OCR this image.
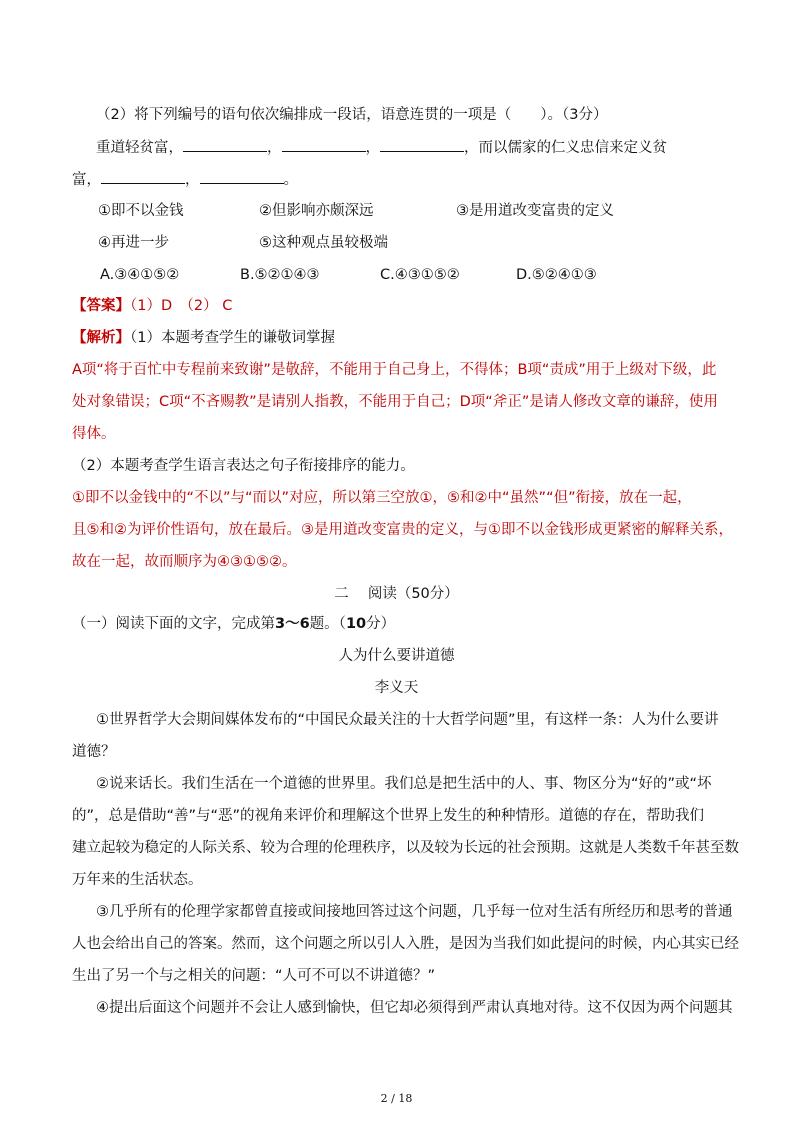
（2）将下列编号的语句依次编排成一段话，语意连贯的一项是（　　）。（3分）
重道轻贫富，	，	，	，而以儒家的仁义忠信来定义贫
富，	，	。
①即不以金钱	②但影响亦颇深远	③是用道改变富贵的定义
④再进一步	⑤这种观点虽较极端
A.③④①⑤②	B.⑤②①④③	C.④③①⑤②	D.⑤②④①③
【答案】（1）D　（2） C
【解析】（1）本题考查学生的谦敬词掌握
A项“将于百忙中专程前来致谢”是敬辞，不能用于自己身上，不得体；B项“责成”用于上级对下级，此
处对象错误；C项“不吝赐教”是请别人指教，不能用于自己；D项“斧正”是请人修改文章的谦辞，使用
得体。
（2）本题考查学生语言表达之句子衔接排序的能力。
①即不以金钱中的“不以”与“而以”对应，所以第三空放①，⑤和②中“虽然”“但”衔接，放在一起，
且⑤和②为评价性语句，放在最后。③是用道改变富贵的定义，与①即不以金钱形成更紧密的解释关系，
故在一起，故而顺序为④③①⑤②。
二　 阅读（50分）
（一）阅读下面的文字，完成第3～6题。（10分）
人为什么要讲道德
李义天
①世界哲学大会期间媒体发布的“中国民众最关注的十大哲学问题”里，有这样一条：人为什么要讲
道德？
②说来话长。我们生活在一个道德的世界里。我们总是把生活中的人、事、物区分为“好的”或“坏
的”，总是借助“善”与“恶”的视角来评价和理解这个世界上发生的种种情形。道德的存在，帮助我们
建立起较为稳定的人际关系、较为合理的伦理秩序，以及较为长远的社会预期。这就是人类数千年甚至数
万年来的生活状态。
③几乎所有的伦理学家都曾直接或间接地回答过这个问题，几乎每一位对生活有所经历和思考的普通
人也会给出自己的答案。然而，这个问题之所以引人入胜，是因为当我们如此提问的时候，内心其实已经
生出了另一个与之相关的问题：“人可不可以不讲道德？”
④提出后面这个问题并不会让人感到愉快，但它却必须得到严肃认真地对待。这不仅因为两个问题其
2 / 18
